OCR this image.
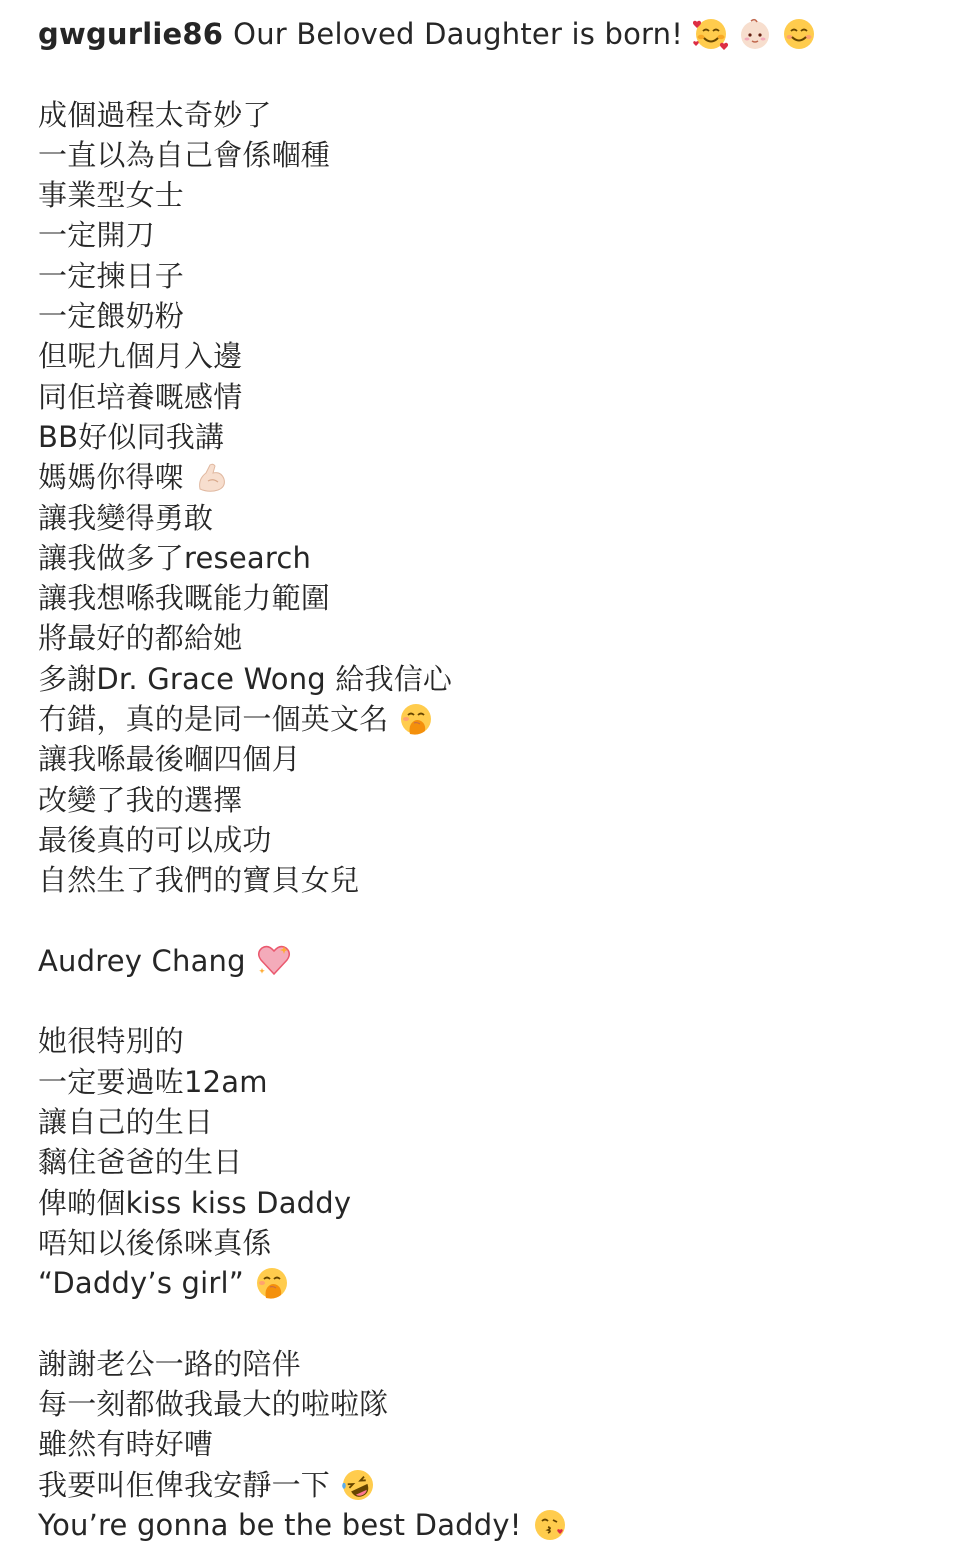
gwgurlie86 Our Beloved Daughter is born!
成個過程太奇妙了
一直以為自己會係嗰種
事業型女士
一定開刀
一定揀日子
一定餵奶粉
但呢九個月入邊
同佢培養嘅感情
BB好似同我講
媽媽你得㗎
讓我變得勇敢
讓我做多了research
讓我想喺我嘅能力範圍
將最好的都給她
多謝Dr. Grace Wong 給我信心
冇錯，真的是同一個英文名
讓我喺最後嗰四個月
改變了我的選擇
最後真的可以成功
自然生了我們的寶貝女兒
Audrey Chang
她很特別的
一定要過咗12am
讓自己的生日
黐住爸爸的生日
俾啲個kiss kiss Daddy
唔知以後係咪真係
“Daddy’s girl”
謝謝老公一路的陪伴
每一刻都做我最大的啦啦隊
雖然有時好嘈
我要叫佢俾我安靜一下
You’re gonna be the best Daddy!
